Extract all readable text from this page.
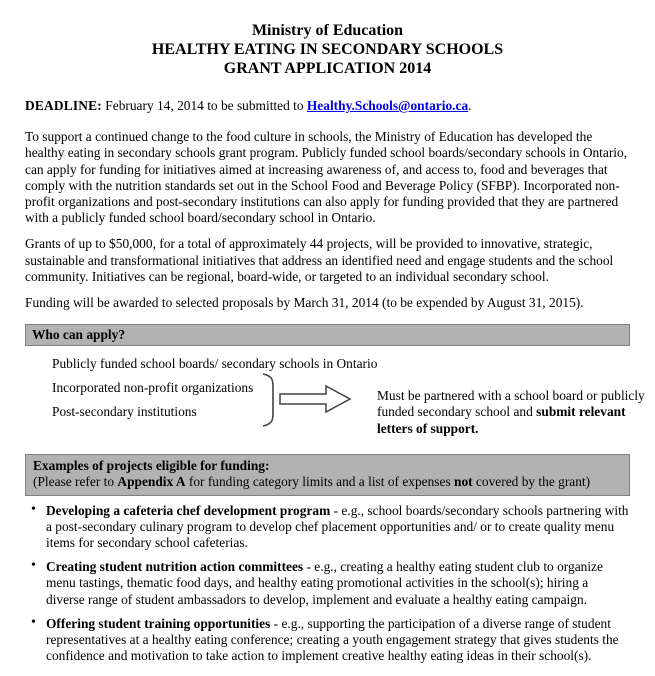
Ministry of Education
HEALTHY EATING IN SECONDARY SCHOOLS
GRANT APPLICATION 2014

DEADLINE: February 14, 2014 to be submitted to Healthy.Schools@ontario.ca.

To support a continued change to the food culture in schools, the Ministry of Education has developed the healthy eating in secondary schools grant program. Publicly funded school boards/secondary schools in Ontario, can apply for funding for initiatives aimed at increasing awareness of, and access to, food and beverages that comply with the nutrition standards set out in the School Food and Beverage Policy (SFBP). Incorporated non-profit organizations and post-secondary institutions can also apply for funding provided that they are partnered with a publicly funded school board/secondary school in Ontario.

Grants of up to $50,000, for a total of approximately 44 projects, will be provided to innovative, strategic, sustainable and transformational initiatives that address an identified need and engage students and the school community. Initiatives can be regional, board-wide, or targeted to an individual secondary school.

Funding will be awarded to selected proposals by March 31, 2014 (to be expended by August 31, 2015).

Who can apply?
Publicly funded school boards/ secondary schools in Ontario
Incorporated non-profit organizations
Post-secondary institutions
Must be partnered with a school board or publicly funded secondary school and submit relevant letters of support.
Examples of projects eligible for funding:
(Please refer to Appendix A for funding category limits and a list of expenses not covered by the grant)
• Developing a cafeteria chef development program - e.g., school boards/secondary schools partnering with a post-secondary culinary program to develop chef placement opportunities and/ or to create quality menu items for secondary school cafeterias.
• Creating student nutrition action committees - e.g., creating a healthy eating student club to organize menu tastings, thematic food days, and healthy eating promotional activities in the school(s); hiring a diverse range of student ambassadors to develop, implement and evaluate a healthy eating campaign.
• Offering student training opportunities - e.g., supporting the participation of a diverse range of student representatives at a healthy eating conference; creating a youth engagement strategy that gives students the confidence and motivation to take action to implement creative healthy eating ideas in their school(s).
